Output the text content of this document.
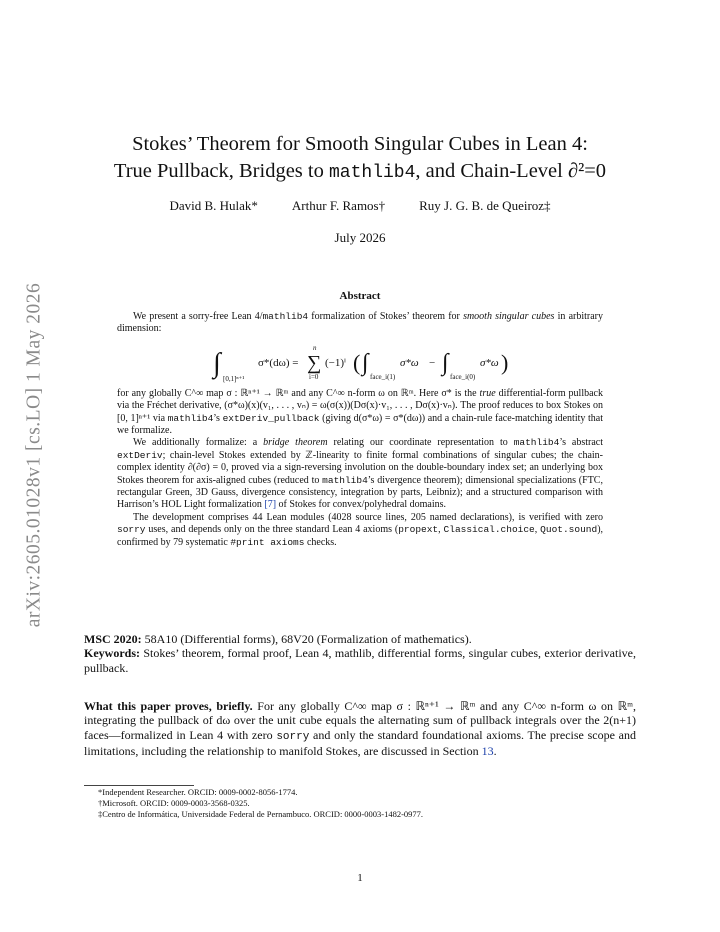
arXiv:2605.01028v1 [cs.LO] 1 May 2026
Stokes’ Theorem for Smooth Singular Cubes in Lean 4:
True Pullback, Bridges to mathlib4, and Chain-Level ∂²=0
David B. Hulak*	Arthur F. Ramos†	Ruy J. G. B. de Queiroz‡
July 2026
Abstract

We present a sorry-free Lean 4/mathlib4 formalization of Stokes’ theorem for smooth singular cubes in arbitrary dimension:

∫ [0,1]ⁿ⁺¹
σ*(dω) =
n
∑
i=0
(−1)ⁱ ( ∫
face_i(1)
σ*ω − ∫
face_i(0)
σ*ω )

for any globally C^∞ map σ : ℝⁿ⁺¹ → ℝᵐ and any C^∞ n-form ω on ℝᵐ. Here σ* is the true differential-form pullback via the Fréchet derivative, (σ*ω)(x)(v₁, . . . , vₙ) = ω(σ(x))(Dσ(x)·v₁, . . . , Dσ(x)·vₙ). The proof reduces to box Stokes on [0, 1]ⁿ⁺¹ via mathlib4’s extDeriv_pullback (giving d(σ*ω) = σ*(dω)) and a chain-rule face-matching identity that we formalize.

We additionally formalize: a bridge theorem relating our coordinate representation to mathlib4’s abstract extDeriv; chain-level Stokes extended by ℤ-linearity to finite formal combinations of singular cubes; the chain-complex identity ∂(∂σ) = 0, proved via a sign-reversing involution on the double-boundary index set; an underlying box Stokes theorem for axis-aligned cubes (reduced to mathlib4’s divergence theorem); dimensional specializations (FTC, rectangular Green, 3D Gauss, divergence consistency, integration by parts, Leibniz); and a structured comparison with Harrison’s HOL Light formalization [7] of Stokes for convex/polyhedral domains.

The development comprises 44 Lean modules (4028 source lines, 205 named declarations), is verified with zero sorry uses, and depends only on the three standard Lean 4 axioms (propext, Classical.choice, Quot.sound), confirmed by 79 systematic #print axioms checks.

MSC 2020: 58A10 (Differential forms), 68V20 (Formalization of mathematics).
Keywords: Stokes’ theorem, formal proof, Lean 4, mathlib, differential forms, singular cubes, exterior derivative, pullback.
What this paper proves, briefly. For any globally C^∞ map σ : ℝⁿ⁺¹ → ℝᵐ and any C^∞ n-form ω on ℝᵐ, integrating the pullback of dω over the unit cube equals the alternating sum of pullback integrals over the 2(n+1) faces—formalized in Lean 4 with zero sorry and only the standard foundational axioms. The precise scope and limitations, including the relationship to manifold Stokes, are discussed in Section 13.
*Independent Researcher. ORCID: 0009-0002-8056-1774.
†Microsoft. ORCID: 0009-0003-3568-0325.
‡Centro de Informática, Universidade Federal de Pernambuco. ORCID: 0000-0003-1482-0977.
1
